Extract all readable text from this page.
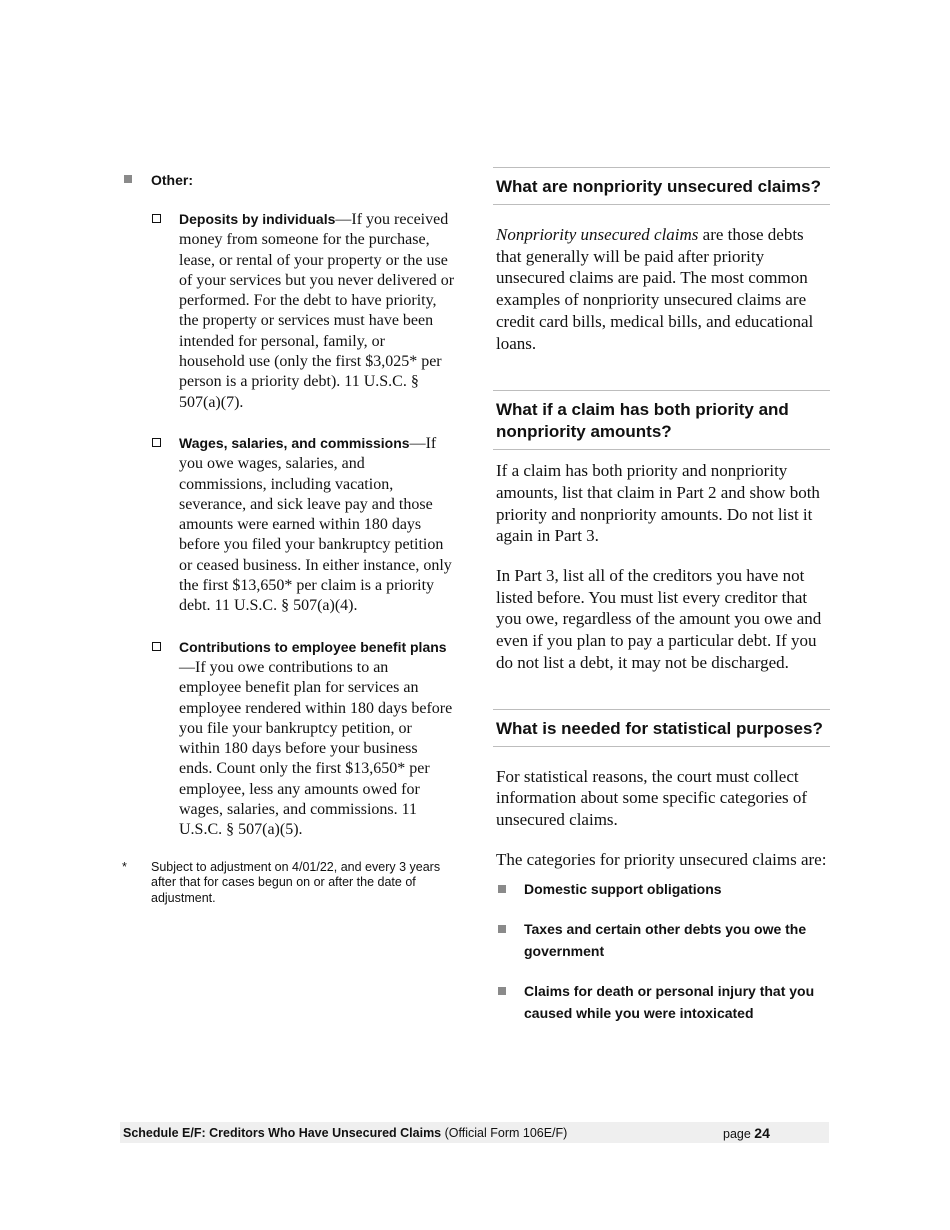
Other:
Deposits by individuals—If you received money from someone for the purchase, lease, or rental of your property or the use of your services but you never delivered or performed. For the debt to have priority, the property or services must have been intended for personal, family, or household use (only the first $3,025* per person is a priority debt). 11 U.S.C. § 507(a)(7).
Wages, salaries, and commissions—If you owe wages, salaries, and commissions, including vacation, severance, and sick leave pay and those amounts were earned within 180 days before you filed your bankruptcy petition or ceased business. In either instance, only the first $13,650* per claim is a priority debt. 11 U.S.C. § 507(a)(4).
Contributions to employee benefit plans—If you owe contributions to an employee benefit plan for services an employee rendered within 180 days before you file your bankruptcy petition, or within 180 days before your business ends. Count only the first $13,650* per employee, less any amounts owed for wages, salaries, and commissions. 11 U.S.C. § 507(a)(5).
* Subject to adjustment on 4/01/22, and every 3 years after that for cases begun on or after the date of adjustment.
What are nonpriority unsecured claims?

Nonpriority unsecured claims are those debts that generally will be paid after priority unsecured claims are paid. The most common examples of nonpriority unsecured claims are credit card bills, medical bills, and educational loans.

What if a claim has both priority and nonpriority amounts?

If a claim has both priority and nonpriority amounts, list that claim in Part 2 and show both priority and nonpriority amounts. Do not list it again in Part 3.

In Part 3, list all of the creditors you have not listed before. You must list every creditor that you owe, regardless of the amount you owe and even if you plan to pay a particular debt. If you do not list a debt, it may not be discharged.

What is needed for statistical purposes?

For statistical reasons, the court must collect information about some specific categories of unsecured claims.

The categories for priority unsecured claims are:

Domestic support obligations
Taxes and certain other debts you owe the government
Claims for death or personal injury that you caused while you were intoxicated
Schedule E/F: Creditors Who Have Unsecured Claims (Official Form 106E/F)	page 24
